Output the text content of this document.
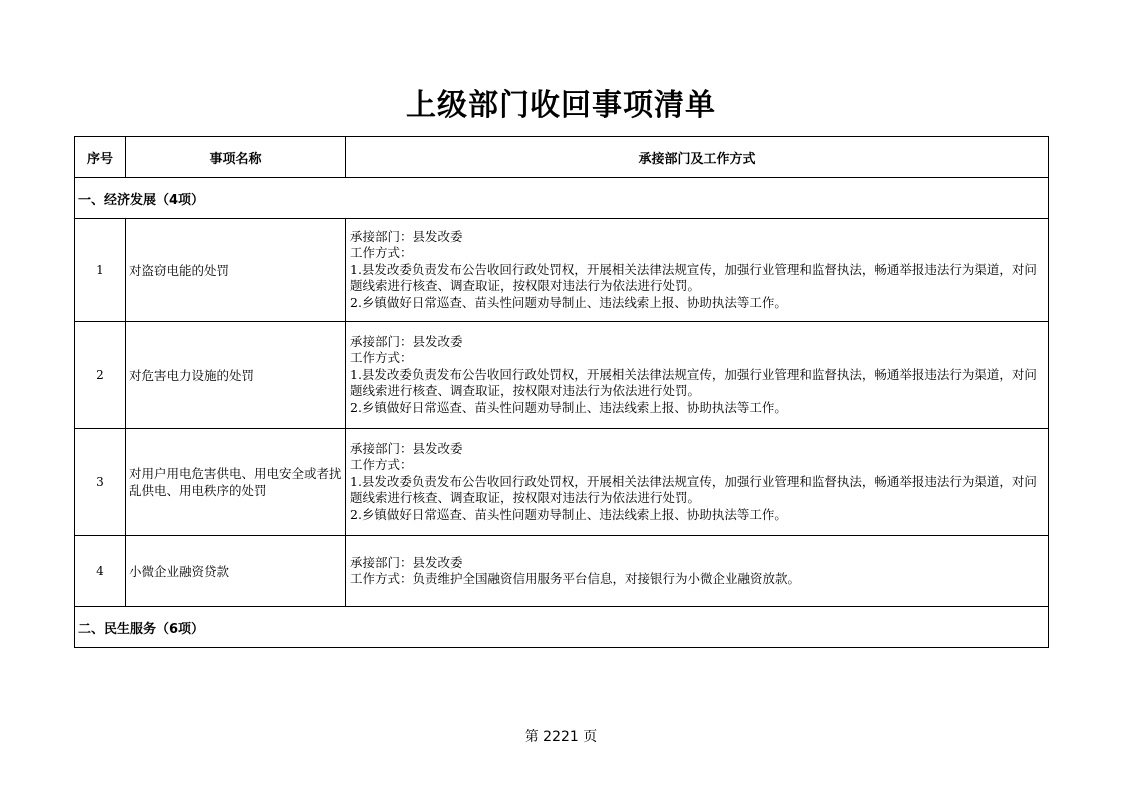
上级部门收回事项清单
序号	事项名称	承接部门及工作方式
一、经济发展（4项）		
1	对盗窃电能的处罚	承接部门：县发改委
工作方式：
1.县发改委负责发布公告收回行政处罚权，开展相关法律法规宣传，加强行业管理和监督执法，畅通举报违法行为渠道，对问题线索进行核查、调查取证，按权限对违法行为依法进行处罚。
2.乡镇做好日常巡查、苗头性问题劝导制止、违法线索上报、协助执法等工作。

2	对危害电力设施的处罚	承接部门：县发改委
工作方式：
1.县发改委负责发布公告收回行政处罚权，开展相关法律法规宣传，加强行业管理和监督执法，畅通举报违法行为渠道，对问题线索进行核查、调查取证，按权限对违法行为依法进行处罚。
2.乡镇做好日常巡查、苗头性问题劝导制止、违法线索上报、协助执法等工作。

3	对用户用电危害供电、用电安全或者扰乱供电、用电秩序的处罚	承接部门：县发改委
工作方式：
1.县发改委负责发布公告收回行政处罚权，开展相关法律法规宣传，加强行业管理和监督执法，畅通举报违法行为渠道，对问题线索进行核查、调查取证，按权限对违法行为依法进行处罚。
2.乡镇做好日常巡查、苗头性问题劝导制止、违法线索上报、协助执法等工作。

4	小微企业融资贷款	承接部门：县发改委
工作方式：负责维护全国融资信用服务平台信息，对接银行为小微企业融资放款。

二、民生服务（6项）		
第 2221 页
